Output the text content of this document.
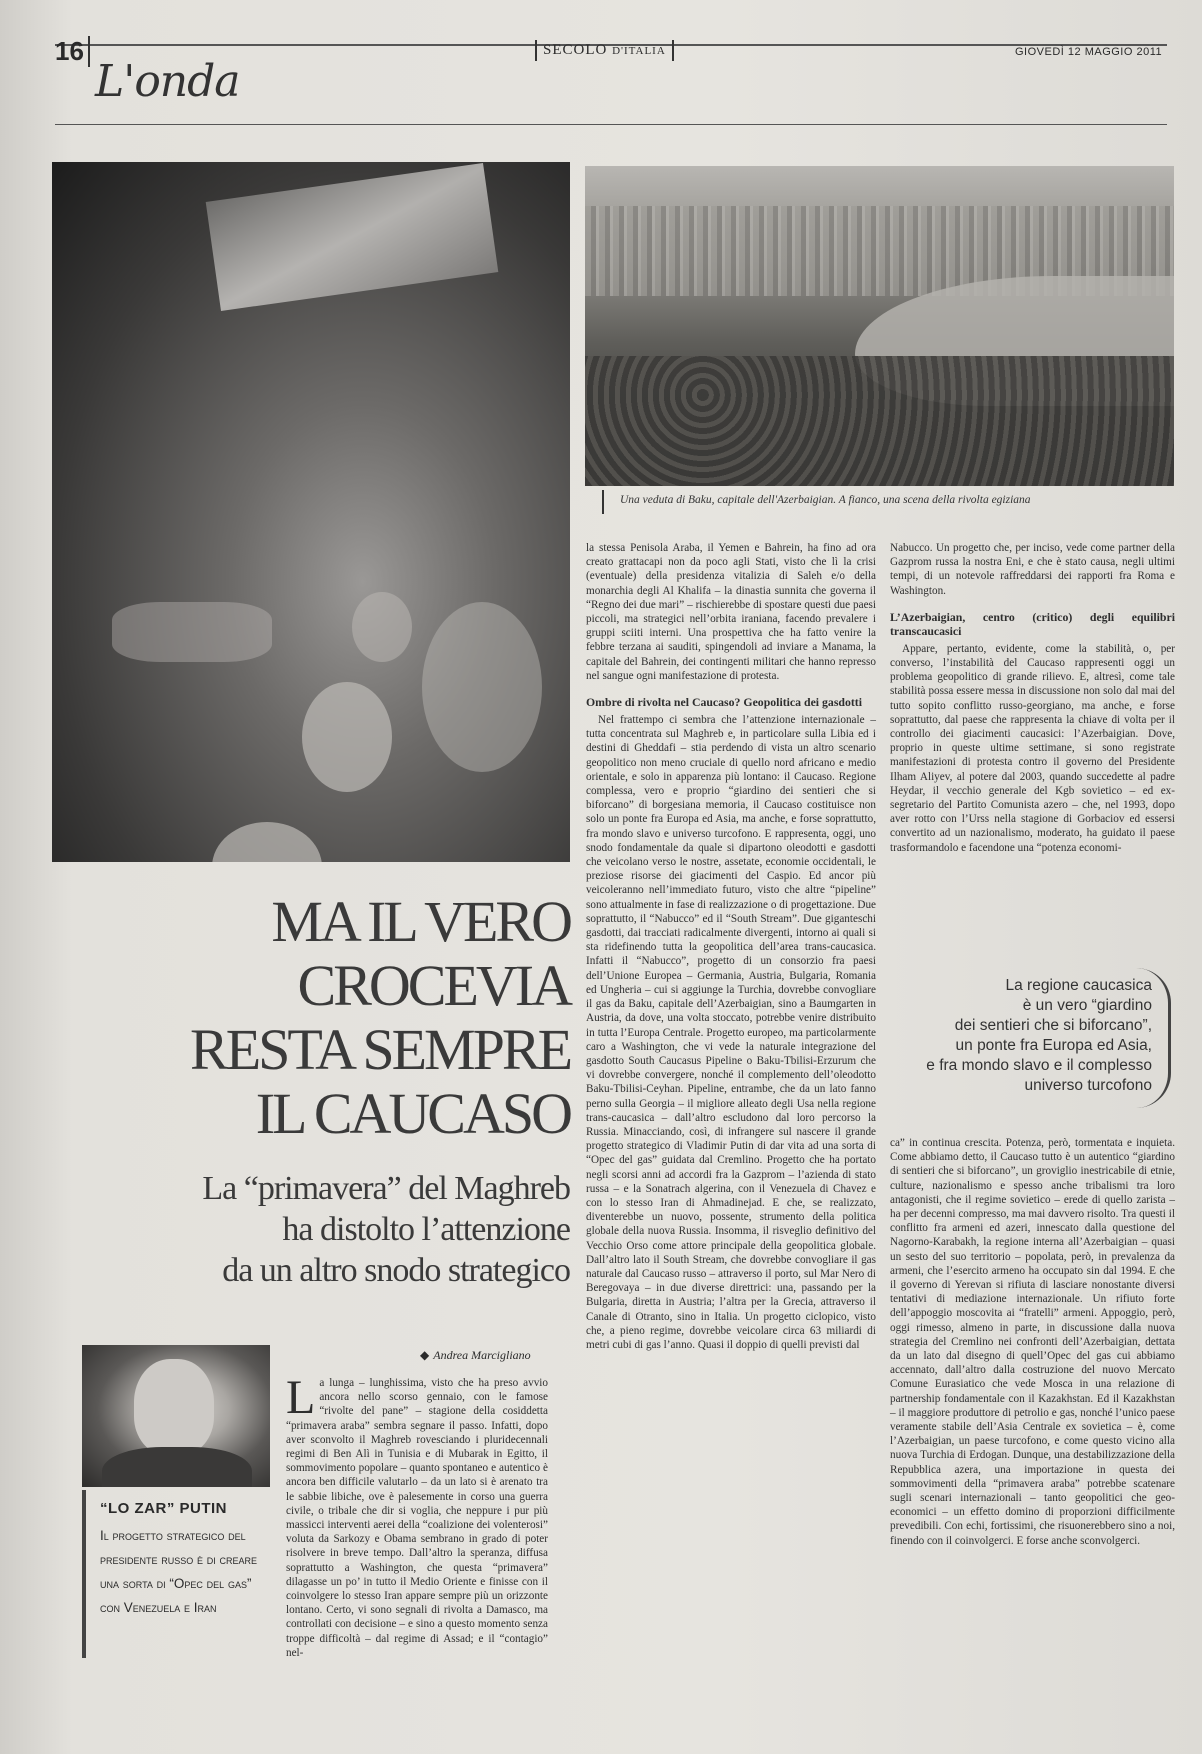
16
L'onda
SECOLO D'ITALIA	GIOVEDÌ 12 MAGGIO 2011
Una veduta di Baku, capitale dell'Azerbaigian. A fianco, una scena della rivolta egiziana
MA IL VERO
CROCEVIA
RESTA SEMPRE
IL CAUCASO
La “primavera” del Maghreb
ha distolto l’attenzione
da un altro snodo strategico
◆ Andrea Marcigliano
“LO ZAR” PUTIN
Il progetto strategico del presidente russo è di creare una sorta di “Opec del gas” con Venezuela e Iran

La lunga – lunghissima, visto che ha preso avvio ancora nello scorso gennaio, con le famose “rivolte del pane” – stagione della cosiddetta “primavera araba” sembra segnare il passo. Infatti, dopo aver sconvolto il Maghreb rovesciando i pluridecennali regimi di Ben Alì in Tunisia e di Mubarak in Egitto, il sommovimento popolare – quanto spontaneo e autentico è ancora ben difficile valutarlo – da un lato si è arenato tra le sabbie libiche, ove è palesemente in corso una guerra civile, o tribale che dir si voglia, che neppure i pur più massicci interventi aerei della “coalizione dei volenterosi” voluta da Sarkozy e Obama sembrano in grado di poter risolvere in breve tempo. Dall’altro la speranza, diffusa soprattutto a Washington, che questa “primavera” dilagasse un po’ in tutto il Medio Oriente e finisse con il coinvolgere lo stesso Iran appare sempre più un orizzonte lontano. Certo, vi sono segnali di rivolta a Damasco, ma controllati con decisione – e sino a questo momento senza troppe difficoltà – dal regime di Assad; e il “contagio” nel-

la stessa Penisola Araba, il Yemen e Bahrein, ha fino ad ora creato grattacapi non da poco agli Stati, visto che lì la crisi (eventuale) della presidenza vitalizia di Saleh e/o della monarchia degli Al Khalifa – la dinastia sunnita che governa il “Regno dei due mari” – rischierebbe di spostare questi due paesi piccoli, ma strategici nell’orbita iraniana, facendo prevalere i gruppi sciiti interni. Una prospettiva che ha fatto venire la febbre terzana ai sauditi, spingendoli ad inviare a Manama, la capitale del Bahrein, dei contingenti militari che hanno represso nel sangue ogni manifestazione di protesta.

Ombre di rivolta nel Caucaso? Geopolitica dei gasdotti

Nel frattempo ci sembra che l’attenzione internazionale – tutta concentrata sul Maghreb e, in particolare sulla Libia ed i destini di Gheddafi – stia perdendo di vista un altro scenario geopolitico non meno cruciale di quello nord africano e medio orientale, e solo in apparenza più lontano: il Caucaso. Regione complessa, vero e proprio “giardino dei sentieri che si biforcano” di borgesiana memoria, il Caucaso costituisce non solo un ponte fra Europa ed Asia, ma anche, e forse soprattutto, fra mondo slavo e universo turcofono. E rappresenta, oggi, uno snodo fondamentale da quale si dipartono oleodotti e gasdotti che veicolano verso le nostre, assetate, economie occidentali, le preziose risorse dei giacimenti del Caspio. Ed ancor più veicoleranno nell’immediato futuro, visto che altre “pipeline” sono attualmente in fase di realizzazione o di progettazione. Due soprattutto, il “Nabucco” ed il “South Stream”. Due giganteschi gasdotti, dai tracciati radicalmente divergenti, intorno ai quali si sta ridefinendo tutta la geopolitica dell’area trans-caucasica. Infatti il “Nabucco”, progetto di un consorzio fra paesi dell’Unione Europea – Germania, Austria, Bulgaria, Romania ed Ungheria – cui si aggiunge la Turchia, dovrebbe convogliare il gas da Baku, capitale dell’Azerbaigian, sino a Baumgarten in Austria, da dove, una volta stoccato, potrebbe venire distribuito in tutta l’Europa Centrale. Progetto europeo, ma particolarmente caro a Washington, che vi vede la naturale integrazione del gasdotto South Caucasus Pipeline o Baku-Tbilisi-Erzurum che vi dovrebbe convergere, nonché il complemento dell’oleodotto Baku-Tbilisi-Ceyhan. Pipeline, entrambe, che da un lato fanno perno sulla Georgia – il migliore alleato degli Usa nella regione trans-caucasica – dall’altro escludono dal loro percorso la Russia. Minacciando, così, di infrangere sul nascere il grande progetto strategico di Vladimir Putin di dar vita ad una sorta di “Opec del gas” guidata dal Cremlino. Progetto che ha portato negli scorsi anni ad accordi fra la Gazprom – l’azienda di stato russa – e la Sonatrach algerina, con il Venezuela di Chavez e con lo stesso Iran di Ahmadinejad. E che, se realizzato, diventerebbe un nuovo, possente, strumento della politica globale della nuova Russia. Insomma, il risveglio definitivo del Vecchio Orso come attore principale della geopolitica globale. Dall’altro lato il South Stream, che dovrebbe convogliare il gas naturale dal Caucaso russo – attraverso il porto, sul Mar Nero di Beregovaya – in due diverse direttrici: una, passando per la Bulgaria, diretta in Austria; l’altra per la Grecia, attraverso il Canale di Otranto, sino in Italia. Un progetto ciclopico, visto che, a pieno regime, dovrebbe veicolare circa 63 miliardi di metri cubi di gas l’anno. Quasi il doppio di quelli previsti dal

Nabucco. Un progetto che, per inciso, vede come partner della Gazprom russa la nostra Eni, e che è stato causa, negli ultimi tempi, di un notevole raffreddarsi dei rapporti fra Roma e Washington.

L’Azerbaigian, centro (critico) degli equilibri transcaucasici

Appare, pertanto, evidente, come la stabilità, o, per converso, l’instabilità del Caucaso rappresenti oggi un problema geopolitico di grande rilievo. E, altresì, come tale stabilità possa essere messa in discussione non solo dal mai del tutto sopito conflitto russo-georgiano, ma anche, e forse soprattutto, dal paese che rappresenta la chiave di volta per il controllo dei giacimenti caucasici: l’Azerbaigian. Dove, proprio in queste ultime settimane, si sono registrate manifestazioni di protesta contro il governo del Presidente Ilham Aliyev, al potere dal 2003, quando succedette al padre Heydar, il vecchio generale del Kgb sovietico – ed ex-segretario del Partito Comunista azero – che, nel 1993, dopo aver rotto con l’Urss nella stagione di Gorbaciov ed essersi convertito ad un nazionalismo, moderato, ha guidato il paese trasformandolo e facendone una “potenza economi-

La regione caucasica
è un vero “giardino
dei sentieri che si biforcano”,
un ponte fra Europa ed Asia,
e fra mondo slavo e il complesso
universo turcofono

ca” in continua crescita. Potenza, però, tormentata e inquieta. Come abbiamo detto, il Caucaso tutto è un autentico “giardino di sentieri che si biforcano”, un groviglio inestricabile di etnie, culture, nazionalismo e spesso anche tribalismi tra loro antagonisti, che il regime sovietico – erede di quello zarista – ha per decenni compresso, ma mai davvero risolto. Tra questi il conflitto fra armeni ed azeri, innescato dalla questione del Nagorno-Karabakh, la regione interna all’Azerbaigian – quasi un sesto del suo territorio – popolata, però, in prevalenza da armeni, che l’esercito armeno ha occupato sin dal 1994. E che il governo di Yerevan si rifiuta di lasciare nonostante diversi tentativi di mediazione internazionale. Un rifiuto forte dell’appoggio moscovita ai “fratelli” armeni. Appoggio, però, oggi rimesso, almeno in parte, in discussione dalla nuova strategia del Cremlino nei confronti dell’Azerbaigian, dettata da un lato dal disegno di quell’Opec del gas cui abbiamo accennato, dall’altro dalla costruzione del nuovo Mercato Comune Eurasiatico che vede Mosca in una relazione di partnership fondamentale con il Kazakhstan. Ed il Kazakhstan – il maggiore produttore di petrolio e gas, nonché l’unico paese veramente stabile dell’Asia Centrale ex sovietica – è, come l’Azerbaigian, un paese turcofono, e come questo vicino alla nuova Turchia di Erdogan. Dunque, una destabilizzazione della Repubblica azera, una importazione in questa dei sommovimenti della “primavera araba” potrebbe scatenare sugli scenari internazionali – tanto geopolitici che geo-economici – un effetto domino di proporzioni difficilmente prevedibili. Con echi, fortissimi, che risuonerebbero sino a noi, finendo con il coinvolgerci. E forse anche sconvolgerci.
